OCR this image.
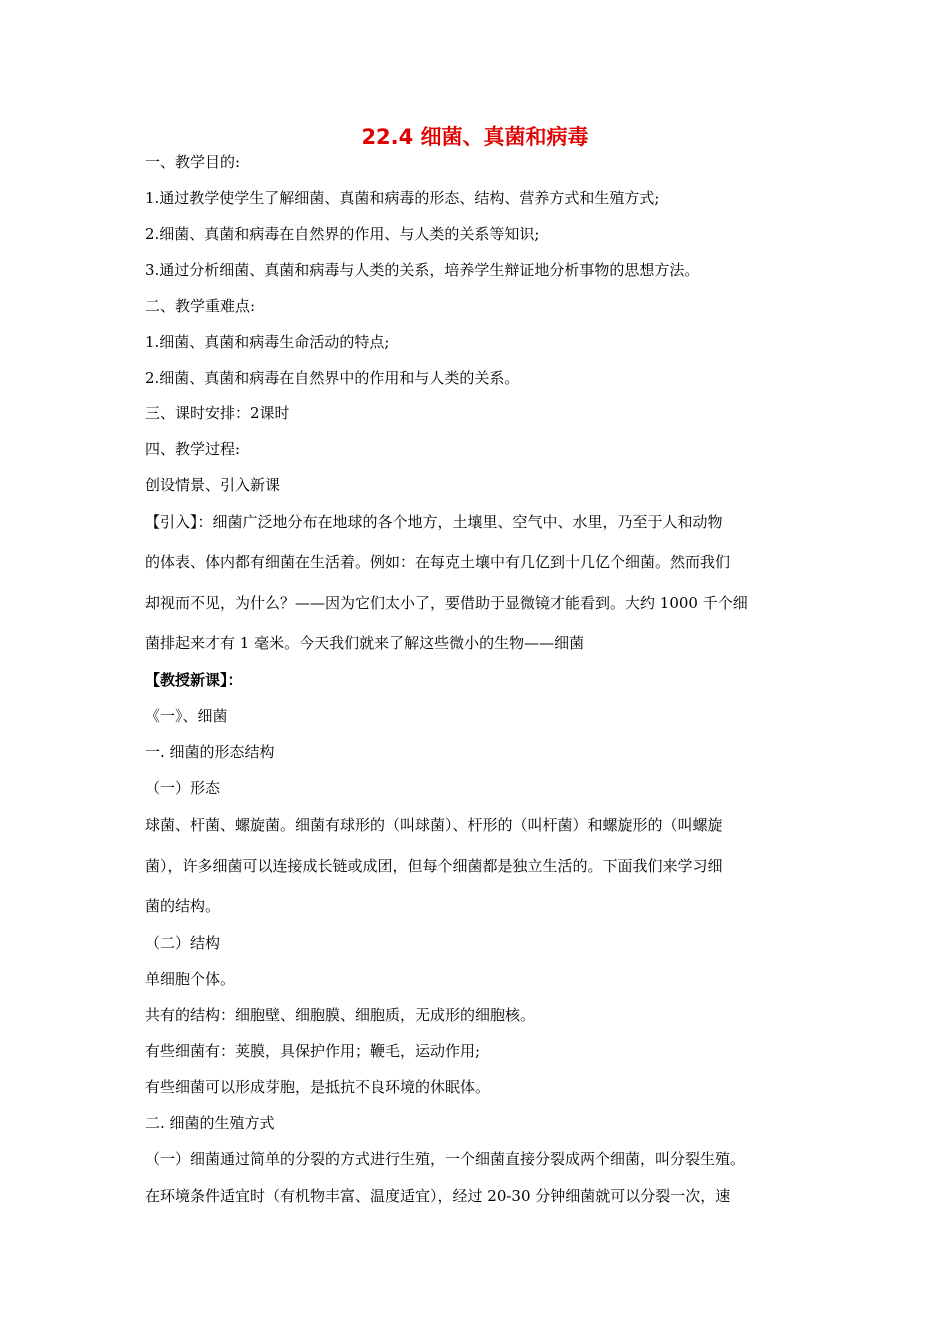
22.4 细菌、真菌和病毒
一、教学目的:
1.通过教学使学生了解细菌、真菌和病毒的形态、结构、营养方式和生殖方式;
2.细菌、真菌和病毒在自然界的作用、与人类的关系等知识;
3.通过分析细菌、真菌和病毒与人类的关系，培养学生辩证地分析事物的思想方法。
二、教学重难点:
1.细菌、真菌和病毒生命活动的特点;
2.细菌、真菌和病毒在自然界中的作用和与人类的关系。
三、课时安排：2课时
四、教学过程:
创设情景、引入新课
【引入】：细菌广泛地分布在地球的各个地方，土壤里、空气中、水里，乃至于人和动物
的体表、体内都有细菌在生活着。例如：在每克土壤中有几亿到十几亿个细菌。然而我们
却视而不见，为什么？——因为它们太小了，要借助于显微镜才能看到。大约 1000 千个细
菌排起来才有 1 毫米。今天我们就来了解这些微小的生物——细菌
【教授新课】：
《一》、细菌
一. 细菌的形态结构
（一）形态
球菌、杆菌、螺旋菌。细菌有球形的（叫球菌）、杆形的（叫杆菌）和螺旋形的（叫螺旋
菌），许多细菌可以连接成长链或成团，但每个细菌都是独立生活的。下面我们来学习细
菌的结构。
（二）结构
单细胞个体。
共有的结构：细胞壁、细胞膜、细胞质，无成形的细胞核。
有些细菌有：荚膜，具保护作用；鞭毛，运动作用;
有些细菌可以形成芽胞，是抵抗不良环境的休眠体。
二. 细菌的生殖方式
（一）细菌通过简单的分裂的方式进行生殖，一个细菌直接分裂成两个细菌，叫分裂生殖。
在环境条件适宜时（有机物丰富、温度适宜），经过 20-30 分钟细菌就可以分裂一次，速
